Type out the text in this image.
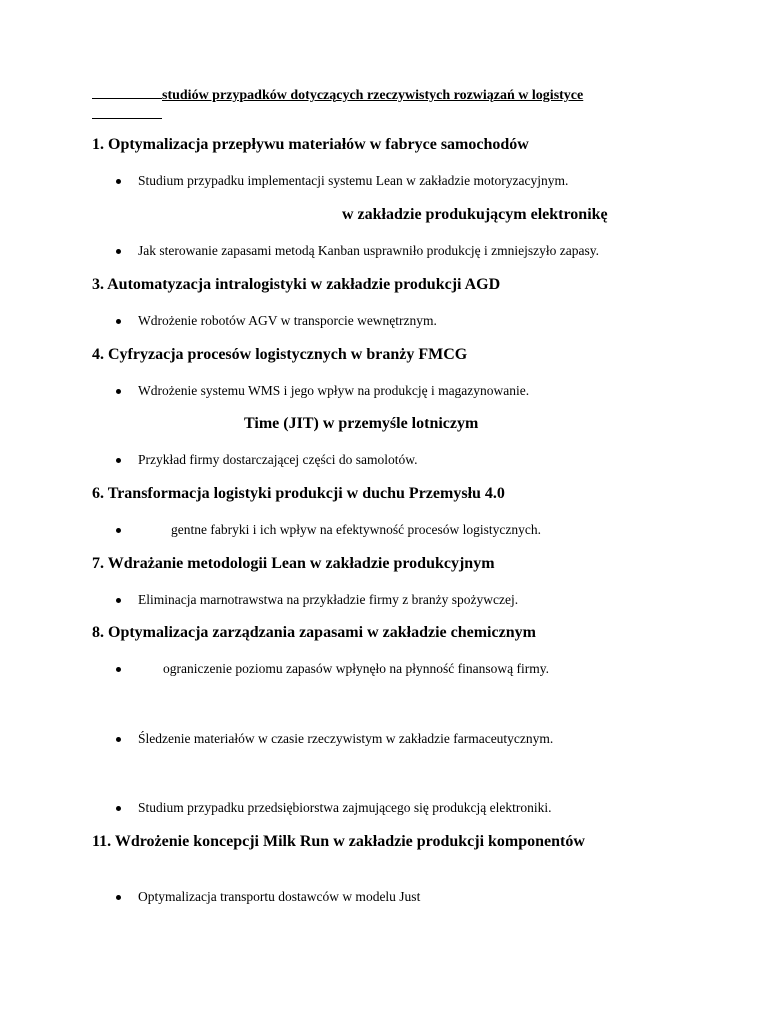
studiów przypadków dotyczących rzeczywistych rozwiązań w logistyce
1. Optymalizacja przepływu materiałów w fabryce samochodów
Studium przypadku implementacji systemu Lean w zakładzie motoryzacyjnym.
w zakładzie produkującym elektronikę
Jak sterowanie zapasami metodą Kanban usprawniło produkcję i zmniejszyło zapasy.
3. Automatyzacja intralogistyki w zakładzie produkcji AGD
Wdrożenie robotów AGV w transporcie wewnętrznym.
4. Cyfryzacja procesów logistycznych w branży FMCG
Wdrożenie systemu WMS i jego wpływ na produkcję i magazynowanie.
Time (JIT) w przemyśle lotniczym
Przykład firmy dostarczającej części do samolotów.
6. Transformacja logistyki produkcji w duchu Przemysłu 4.0
gentne fabryki i ich wpływ na efektywność procesów logistycznych.
7. Wdrażanie metodologii Lean w zakładzie produkcyjnym
Eliminacja marnotrawstwa na przykładzie firmy z branży spożywczej.
8. Optymalizacja zarządzania zapasami w zakładzie chemicznym
ograniczenie poziomu zapasów wpłynęło na płynność finansową firmy.
Śledzenie materiałów w czasie rzeczywistym w zakładzie farmaceutycznym.
Studium przypadku przedsiębiorstwa zajmującego się produkcją elektroniki.
11. Wdrożenie koncepcji Milk Run w zakładzie produkcji komponentów
Optymalizacja transportu dostawców w modelu Just
